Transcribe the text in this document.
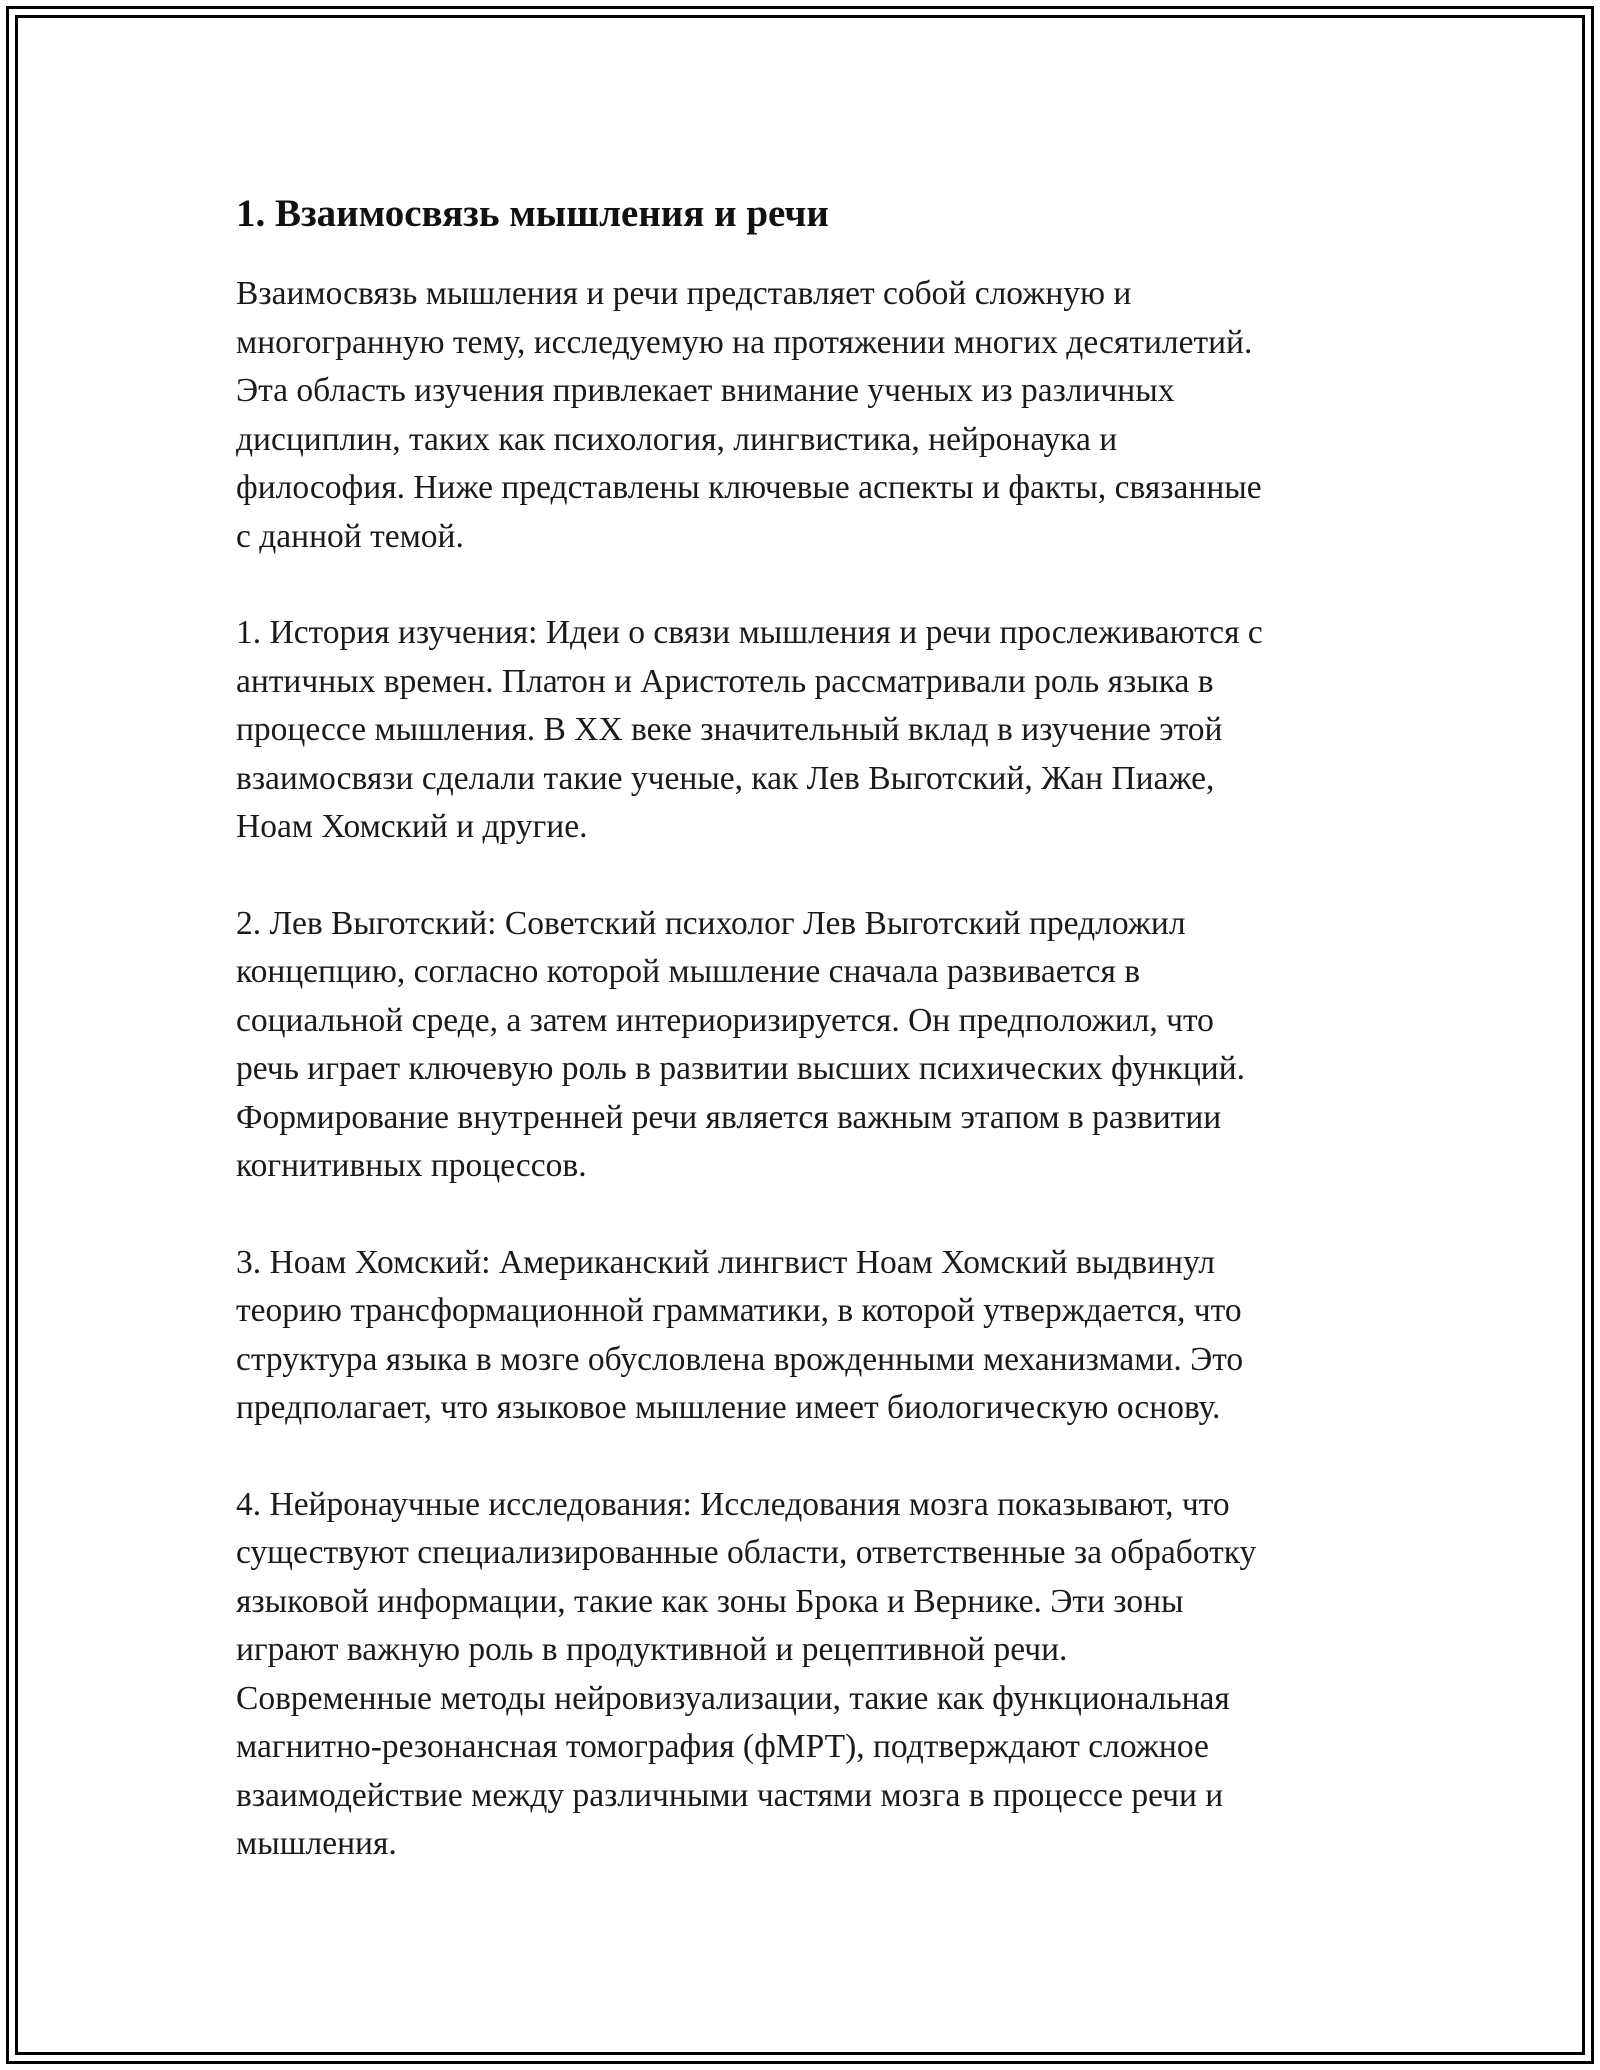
1. Взаимосвязь мышления и речи

Взаимосвязь мышления и речи представляет собой сложную и
многогранную тему, исследуемую на протяжении многих десятилетий.
Эта область изучения привлекает внимание ученых из различных
дисциплин, таких как психология, лингвистика, нейронаука и
философия. Ниже представлены ключевые аспекты и факты, связанные
с данной темой.

1. История изучения: Идеи о связи мышления и речи прослеживаются с
античных времен. Платон и Аристотель рассматривали роль языка в
процессе мышления. В XX веке значительный вклад в изучение этой
взаимосвязи сделали такие ученые, как Лев Выготский, Жан Пиаже,
Ноам Хомский и другие.

2. Лев Выготский: Советский психолог Лев Выготский предложил
концепцию, согласно которой мышление сначала развивается в
социальной среде, а затем интериоризируется. Он предположил, что
речь играет ключевую роль в развитии высших психических функций.
Формирование внутренней речи является важным этапом в развитии
когнитивных процессов.

3. Ноам Хомский: Американский лингвист Ноам Хомский выдвинул
теорию трансформационной грамматики, в которой утверждается, что
структура языка в мозге обусловлена врожденными механизмами. Это
предполагает, что языковое мышление имеет биологическую основу.

4. Нейронаучные исследования: Исследования мозга показывают, что
существуют специализированные области, ответственные за обработку
языковой информации, такие как зоны Брока и Вернике. Эти зоны
играют важную роль в продуктивной и рецептивной речи.
Современные методы нейровизуализации, такие как функциональная
магнитно-резонансная томография (фМРТ), подтверждают сложное
взаимодействие между различными частями мозга в процессе речи и
мышления.
